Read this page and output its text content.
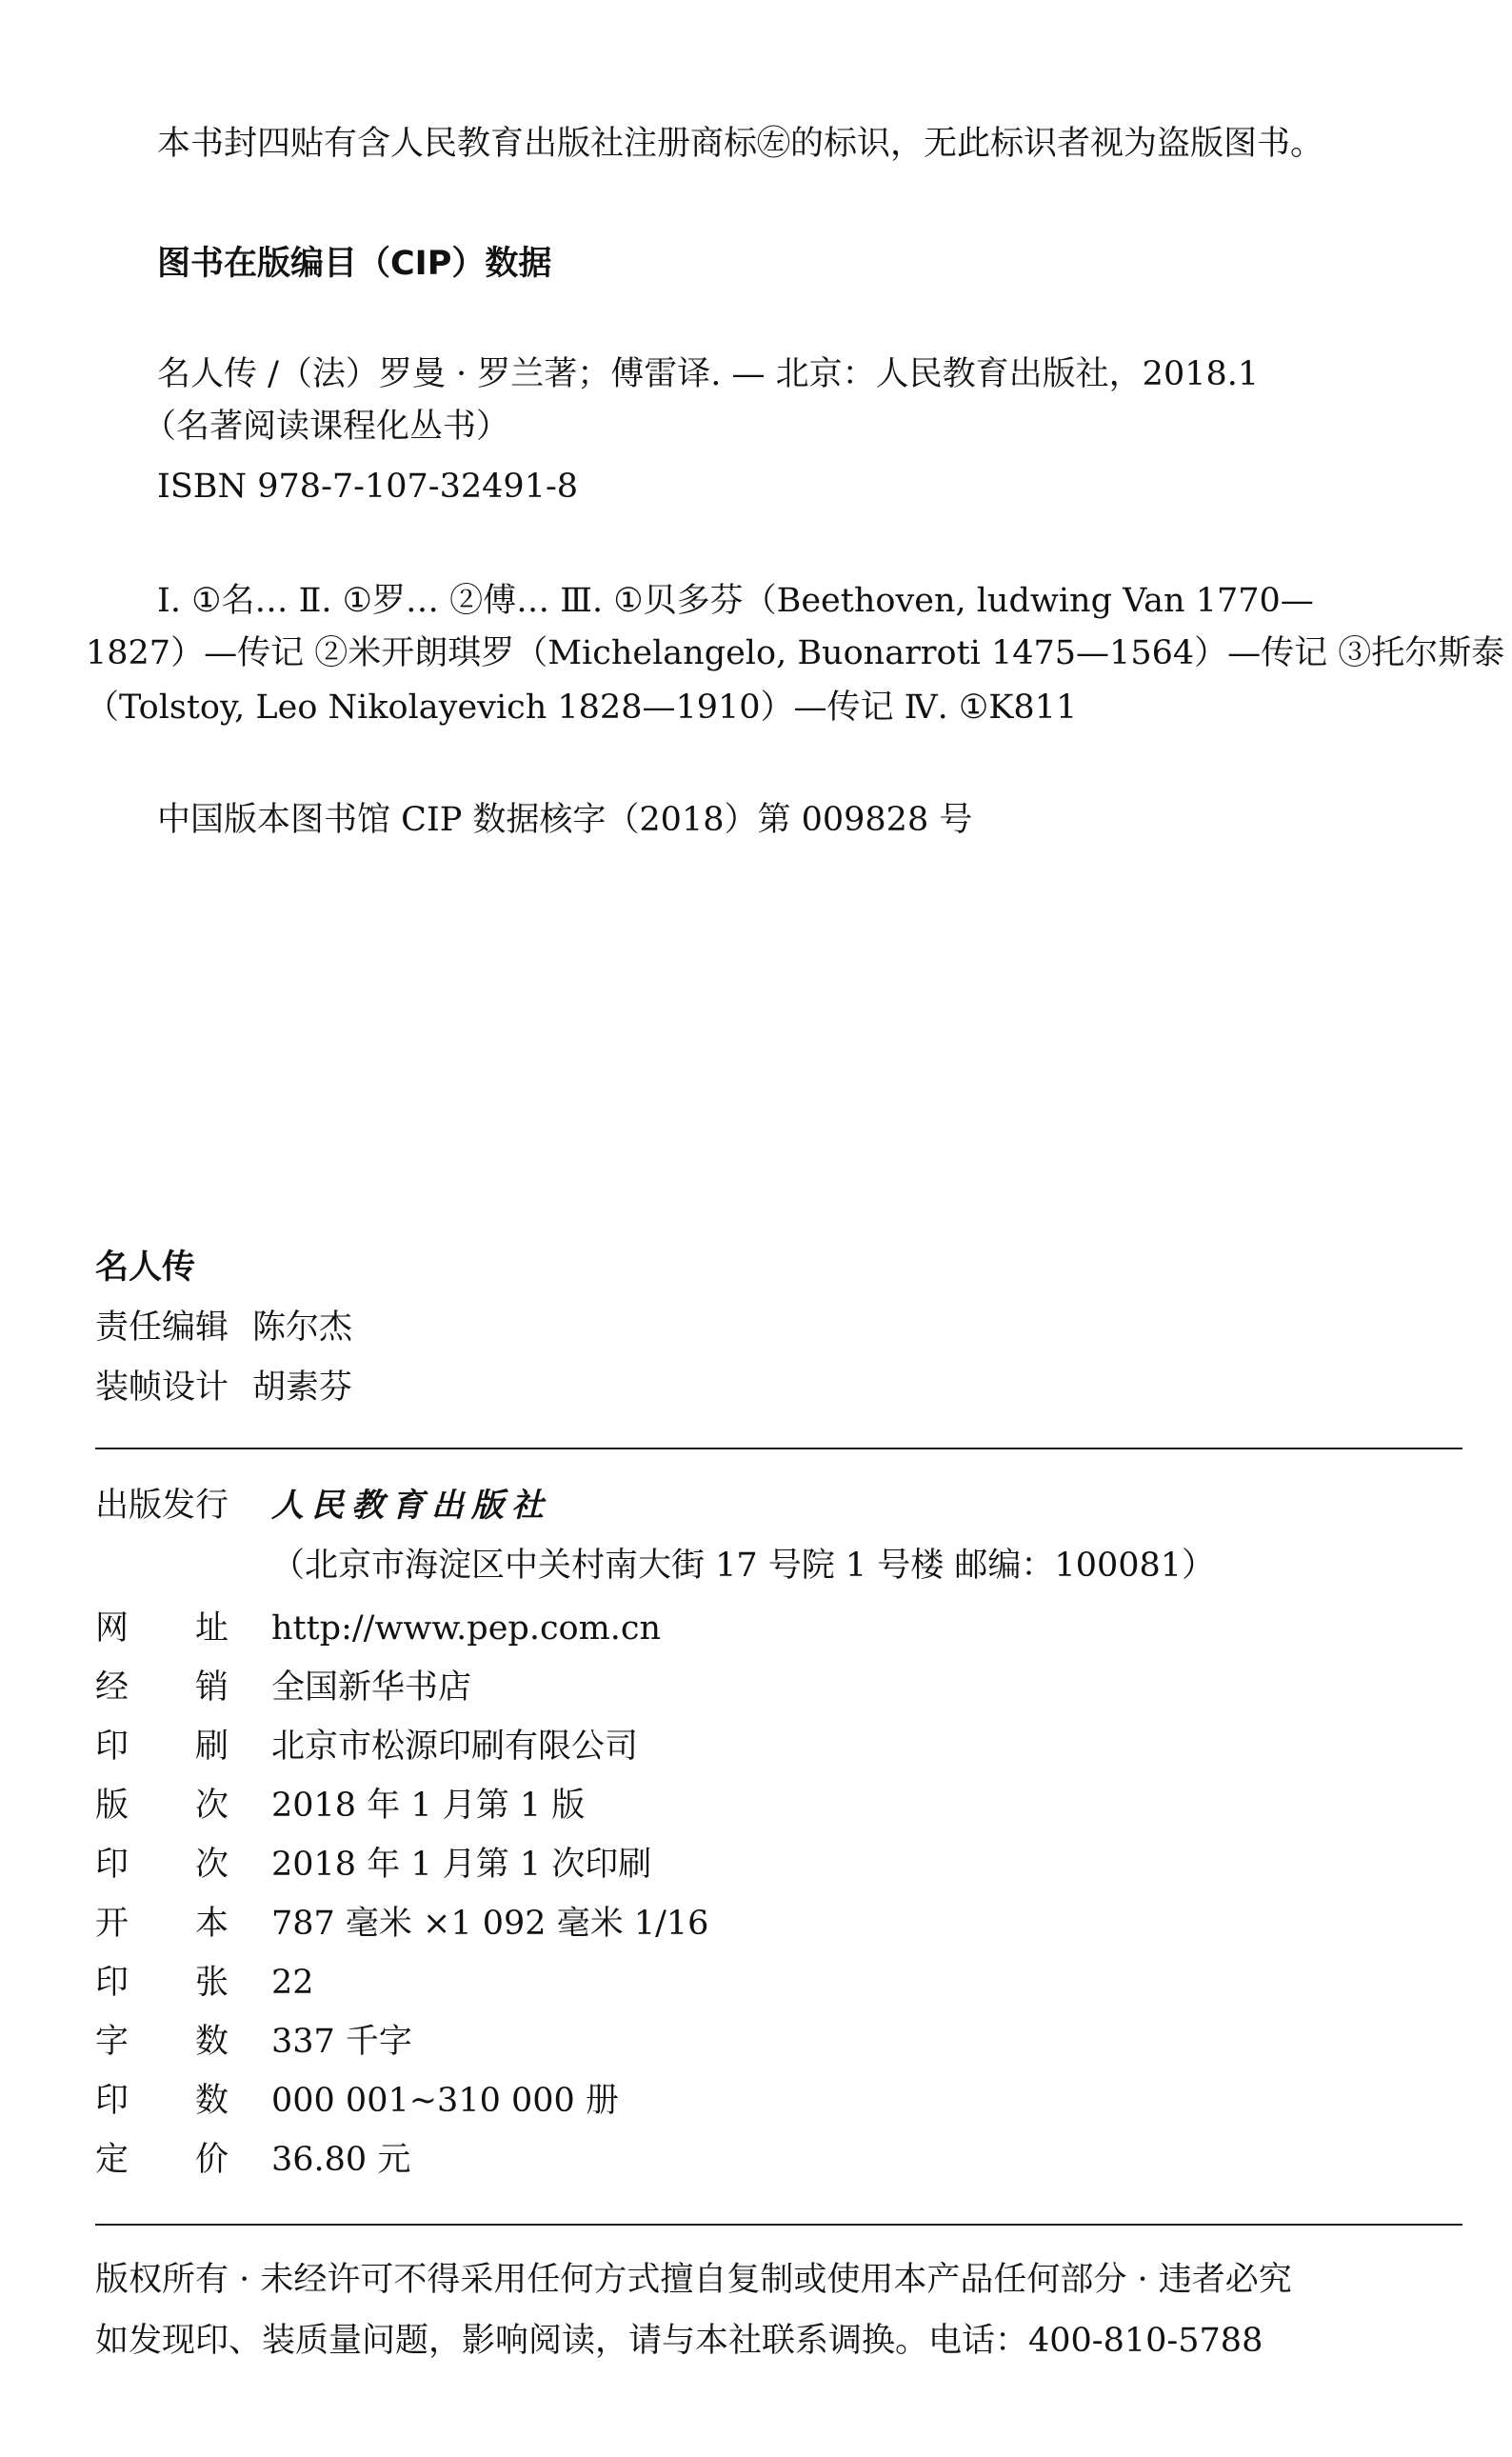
本书封四贴有含人民教育出版社注册商标㊧的标识，无此标识者视为盗版图书。
图书在版编目（CIP）数据
名人传 /（法）罗曼 · 罗兰著；傅雷译. — 北京：人民教育出版社，2018.1
（名著阅读课程化丛书）
ISBN 978-7-107-32491-8
Ⅰ. ①名… Ⅱ. ①罗… ②傅… Ⅲ. ①贝多芬（Beethoven, ludwing Van 1770—
1827）—传记 ②米开朗琪罗（Michelangelo, Buonarroti 1475—1564）—传记 ③托尔斯泰
（Tolstoy, Leo Nikolayevich 1828—1910）—传记 Ⅳ. ①K811
中国版本图书馆 CIP 数据核字（2018）第 009828 号
名人传
责任编辑 陈尔杰
装帧设计 胡素芬
出版发行 人民教育出版社
（北京市海淀区中关村南大街 17 号院 1 号楼 邮编：100081）
网 址 http://www.pep.com.cn
经 销 全国新华书店
印 刷 北京市松源印刷有限公司
版 次 2018 年 1 月第 1 版
印 次 2018 年 1 月第 1 次印刷
开 本 787 毫米 ×1 092 毫米 1/16
印 张 22
字 数 337 千字
印 数 000 001~310 000 册
定 价 36.80 元
版权所有 · 未经许可不得采用任何方式擅自复制或使用本产品任何部分 · 违者必究
如发现印、装质量问题，影响阅读，请与本社联系调换。电话：400-810-5788
